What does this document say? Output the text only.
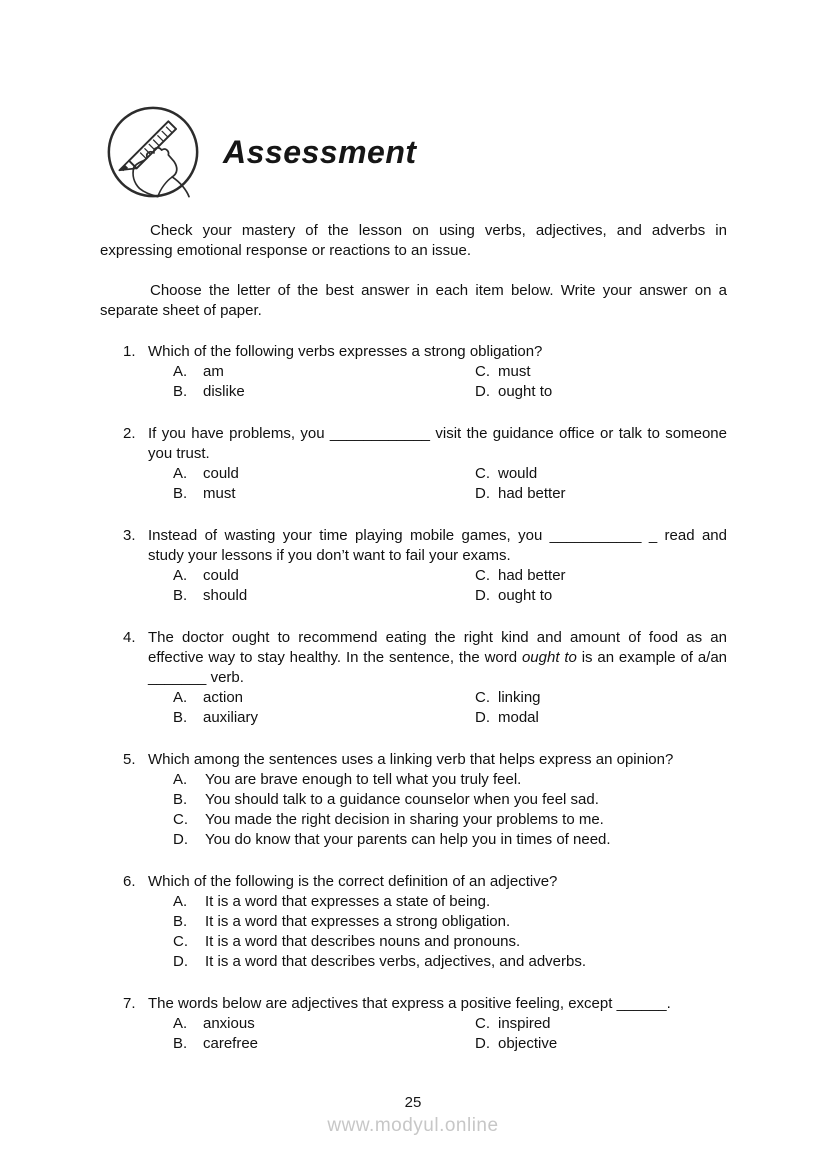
Assessment

Check your mastery of the lesson on using verbs, adjectives, and adverbs in expressing emotional response or reactions to an issue.

Choose the letter of the best answer in each item below. Write your answer on a separate sheet of paper.

1. Which of the following verbs expresses a strong obligation?
A. am	C. must
B. dislike	D. ought to
2. If you have problems, you ____________ visit the guidance office or talk to someone you trust.
A. could	C. would
B. must	D. had better
3. Instead of wasting your time playing mobile games, you ___________ _ read and study your lessons if you don’t want to fail your exams.
A. could	C. had better
B. should	D. ought to
4. The doctor ought to recommend eating the right kind and amount of food as an effective way to stay healthy. In the sentence, the word ought to is an example of a/an _______ verb.
A. action	C. linking
B. auxiliary	D. modal
5. Which among the sentences uses a linking verb that helps express an opinion?
A. You are brave enough to tell what you truly feel.
B. You should talk to a guidance counselor when you feel sad.
C. You made the right decision in sharing your problems to me.
D. You do know that your parents can help you in times of need.
6. Which of the following is the correct definition of an adjective?
A. It is a word that expresses a state of being.
B. It is a word that expresses a strong obligation.
C. It is a word that describes nouns and pronouns.
D. It is a word that describes verbs, adjectives, and adverbs.
7. The words below are adjectives that express a positive feeling, except ______.
A. anxious	C. inspired
B. carefree	D. objective
25
www.modyul.online
